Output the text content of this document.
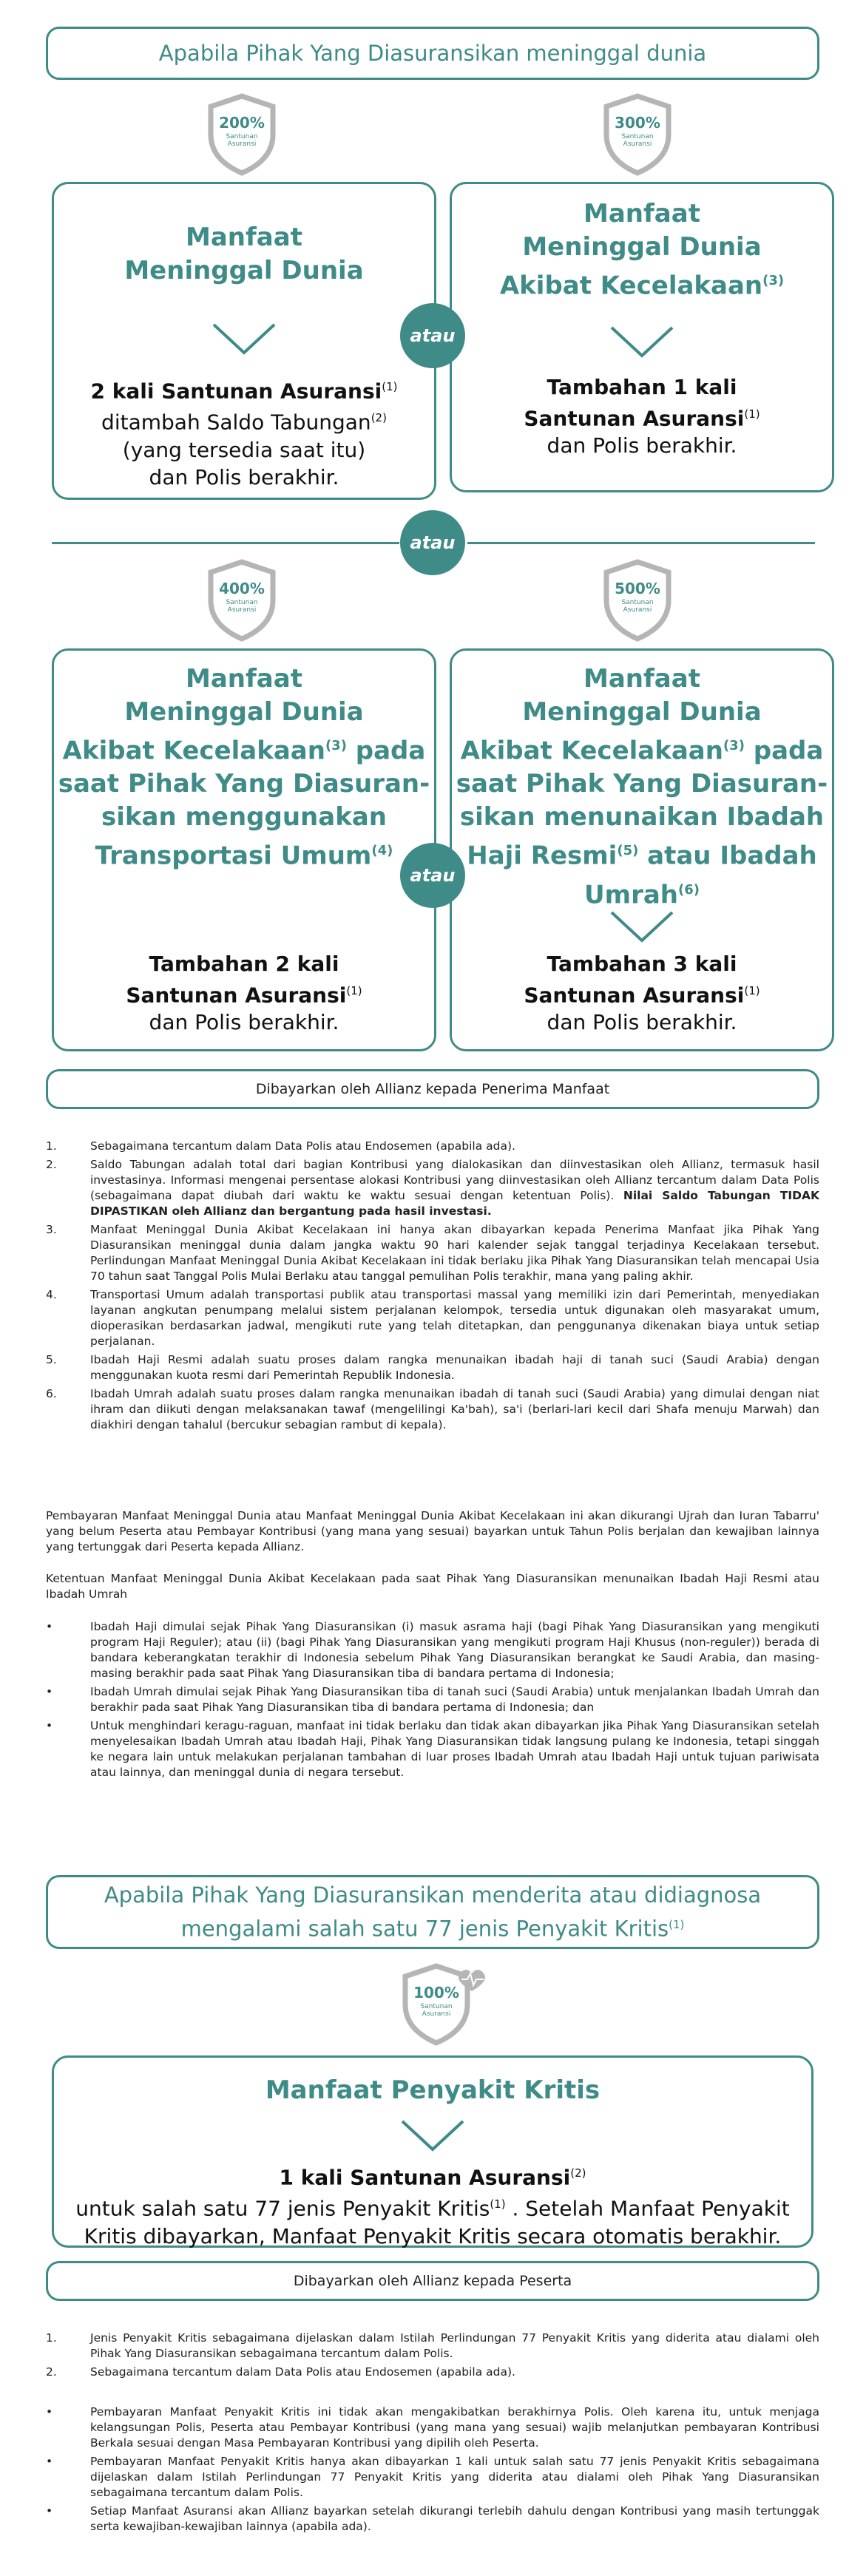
Apabila Pihak Yang Diasuransikan meninggal dunia
200%
Santunan
Asuransi
300%
Santunan
Asuransi
Manfaat
Meninggal Dunia
2 kali Santunan Asuransi$^{(1)}$
ditambah Saldo Tabungan$^{(2)}$
(yang tersedia saat itu)
dan Polis berakhir.
Manfaat
Meninggal Dunia
Akibat Kecelakaan$^{(3)}$
Tambahan 1 kali
Santunan Asuransi$^{(1)}$
dan Polis berakhir.
atau
atau
400%
Santunan
Asuransi
500%
Santunan
Asuransi
Manfaat
Meninggal Dunia
Akibat Kecelakaan$^{(3)}$ pada
saat Pihak Yang Diasuran-
sikan menggunakan
Transportasi Umum$^{(4)}$
Tambahan 2 kali
Santunan Asuransi$^{(1)}$
dan Polis berakhir.
Manfaat
Meninggal Dunia
Akibat Kecelakaan$^{(3)}$ pada
saat Pihak Yang Diasuran-
sikan menunaikan Ibadah
Haji Resmi$^{(5)}$ atau Ibadah
Umrah$^{(6)}$
Tambahan 3 kali
Santunan Asuransi$^{(1)}$
dan Polis berakhir.
atau
Dibayarkan oleh Allianz kepada Penerima Manfaat
1.	Sebagaimana tercantum dalam Data Polis atau Endosemen (apabila ada).
2.	Saldo Tabungan adalah total dari bagian Kontribusi yang dialokasikan dan diinvestasikan oleh Allianz, termasuk hasil investasinya. Informasi mengenai persentase alokasi Kontribusi yang diinvestasikan oleh Allianz tercantum dalam Data Polis (sebagaimana dapat diubah dari waktu ke waktu sesuai dengan ketentuan Polis). Nilai Saldo Tabungan TIDAK DIPASTIKAN oleh Allianz dan bergantung pada hasil investasi.
3.	Manfaat Meninggal Dunia Akibat Kecelakaan ini hanya akan dibayarkan kepada Penerima Manfaat jika Pihak Yang Diasuransikan meninggal dunia dalam jangka waktu 90 hari kalender sejak tanggal terjadinya Kecelakaan tersebut. Perlindungan Manfaat Meninggal Dunia Akibat Kecelakaan ini tidak berlaku jika Pihak Yang Diasuransikan telah mencapai Usia 70 tahun saat Tanggal Polis Mulai Berlaku atau tanggal pemulihan Polis terakhir, mana yang paling akhir.
4.	Transportasi Umum adalah transportasi publik atau transportasi massal yang memiliki izin dari Pemerintah, menyediakan layanan angkutan penumpang melalui sistem perjalanan kelompok, tersedia untuk digunakan oleh masyarakat umum, dioperasikan berdasarkan jadwal, mengikuti rute yang telah ditetapkan, dan penggunanya dikenakan biaya untuk setiap perjalanan.
5.	Ibadah Haji Resmi adalah suatu proses dalam rangka menunaikan ibadah haji di tanah suci (Saudi Arabia) dengan menggunakan kuota resmi dari Pemerintah Republik Indonesia.
6.	Ibadah Umrah adalah suatu proses dalam rangka menunaikan ibadah di tanah suci (Saudi Arabia) yang dimulai dengan niat ihram dan diikuti dengan melaksanakan tawaf (mengelilingi Ka'bah), sa'i (berlari-lari kecil dari Shafa menuju Marwah) dan diakhiri dengan tahalul (bercukur sebagian rambut di kepala).
Pembayaran Manfaat Meninggal Dunia atau Manfaat Meninggal Dunia Akibat Kecelakaan ini akan dikurangi Ujrah dan Iuran Tabarru' yang belum Peserta atau Pembayar Kontribusi (yang mana yang sesuai) bayarkan untuk Tahun Polis berjalan dan kewajiban lainnya yang tertunggak dari Peserta kepada Allianz.
Ketentuan Manfaat Meninggal Dunia Akibat Kecelakaan pada saat Pihak Yang Diasuransikan menunaikan Ibadah Haji Resmi atau Ibadah Umrah
•	Ibadah Haji dimulai sejak Pihak Yang Diasuransikan (i) masuk asrama haji (bagi Pihak Yang Diasuransikan yang mengikuti program Haji Reguler); atau (ii) (bagi Pihak Yang Diasuransikan yang mengikuti program Haji Khusus (non-reguler)) berada di bandara keberangkatan terakhir di Indonesia sebelum Pihak Yang Diasuransikan berangkat ke Saudi Arabia, dan masing-masing berakhir pada saat Pihak Yang Diasuransikan tiba di bandara pertama di Indonesia;
•	Ibadah Umrah dimulai sejak Pihak Yang Diasuransikan tiba di tanah suci (Saudi Arabia) untuk menjalankan Ibadah Umrah dan berakhir pada saat Pihak Yang Diasuransikan tiba di bandara pertama di Indonesia; dan
•	Untuk menghindari keragu-raguan, manfaat ini tidak berlaku dan tidak akan dibayarkan jika Pihak Yang Diasuransikan setelah menyelesaikan Ibadah Umrah atau Ibadah Haji, Pihak Yang Diasuransikan tidak langsung pulang ke Indonesia, tetapi singgah ke negara lain untuk melakukan perjalanan tambahan di luar proses Ibadah Umrah atau Ibadah Haji untuk tujuan pariwisata atau lainnya, dan meninggal dunia di negara tersebut.
Apabila Pihak Yang Diasuransikan menderita atau didiagnosa
mengalami salah satu 77 jenis Penyakit Kritis$^{(1)}$
100%
Santunan
Asuransi
Manfaat Penyakit Kritis
1 kali Santunan Asuransi$^{(2)}$
untuk salah satu 77 jenis Penyakit Kritis$^{(1)}$ . Setelah Manfaat Penyakit
Kritis dibayarkan, Manfaat Penyakit Kritis secara otomatis berakhir.
Dibayarkan oleh Allianz kepada Peserta
1.	Jenis Penyakit Kritis sebagaimana dijelaskan dalam Istilah Perlindungan 77 Penyakit Kritis yang diderita atau dialami oleh Pihak Yang Diasuransikan sebagaimana tercantum dalam Polis.
2.	Sebagaimana tercantum dalam Data Polis atau Endosemen (apabila ada).
•	Pembayaran Manfaat Penyakit Kritis ini tidak akan mengakibatkan berakhirnya Polis. Oleh karena itu, untuk menjaga kelangsungan Polis, Peserta atau Pembayar Kontribusi (yang mana yang sesuai) wajib melanjutkan pembayaran Kontribusi Berkala sesuai dengan Masa Pembayaran Kontribusi yang dipilih oleh Peserta.
•	Pembayaran Manfaat Penyakit Kritis hanya akan dibayarkan 1 kali untuk salah satu 77 jenis Penyakit Kritis sebagaimana dijelaskan dalam Istilah Perlindungan 77 Penyakit Kritis yang diderita atau dialami oleh Pihak Yang Diasuransikan sebagaimana tercantum dalam Polis.
•	Setiap Manfaat Asuransi akan Allianz bayarkan setelah dikurangi terlebih dahulu dengan Kontribusi yang masih tertunggak serta kewajiban-kewajiban lainnya (apabila ada).
